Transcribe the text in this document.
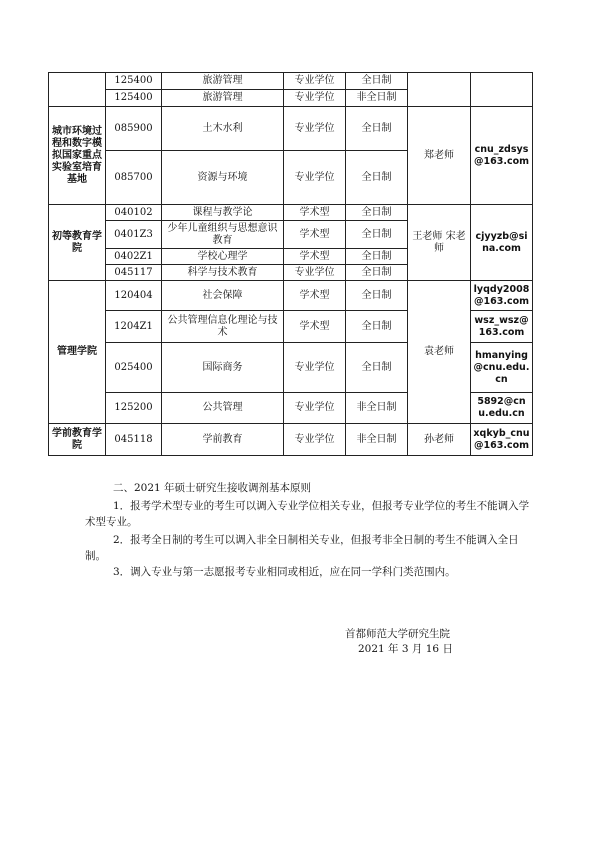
	125400	旅游管理	专业学位	全日制		
	125400	旅游管理	专业学位	非全日制		
城市环境过程和数字模拟国家重点实验室培育基地	085900	土木水利	专业学位	全日制	郑老师	cnu_zdsys@163.com
	085700	资源与环境	专业学位	全日制		
初等教育学院	040102	课程与教学论	学术型	全日制	王老师 宋老师	cjyyzb@sina.com
	0401Z3	少年儿童组织与思想意识教育	学术型	全日制		
	0402Z1	学校心理学	学术型	全日制		
	045117	科学与技术教育	专业学位	全日制		
管理学院	120404	社会保障	学术型	全日制	袁老师	lyqdy2008@163.com
	1204Z1	公共管理信息化理论与技术	学术型	全日制		wsz_wsz@163.com
	025400	国际商务	专业学位	全日制		hmanying@cnu.edu.cn
	125200	公共管理	专业学位	非全日制		5892@cnu.edu.cn
学前教育学院	045118	学前教育	专业学位	非全日制	孙老师	xqkyb_cnu@163.com
二、2021 年硕士研究生接收调剂基本原则
1．报考学术型专业的考生可以调入专业学位相关专业，但报考专业学位的考生不能调入学术型专业。
2．报考全日制的考生可以调入非全日制相关专业，但报考非全日制的考生不能调入全日制。
3．调入专业与第一志愿报考专业相同或相近，应在同一学科门类范围内。
首都师范大学研究生院
2021 年 3 月 16 日
